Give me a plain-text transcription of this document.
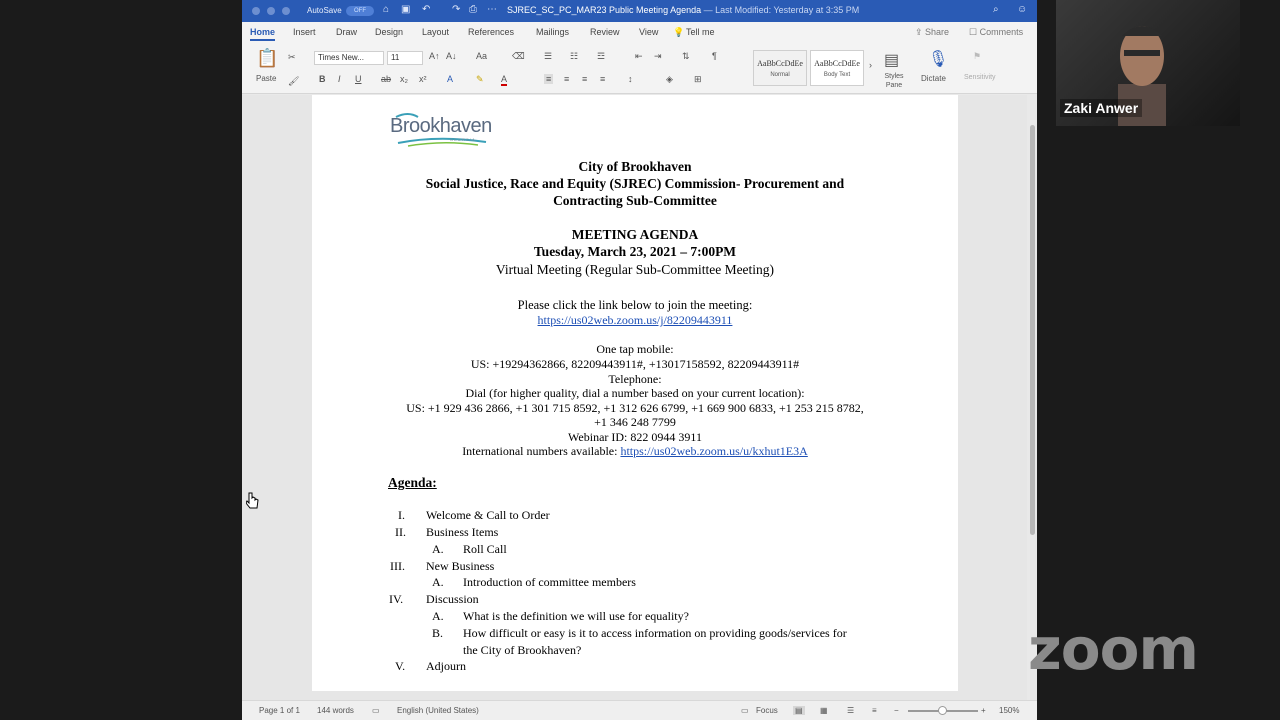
AutoSave	OFF	⌂ ▣ ↶ ↷ ⎙ ⋯ SJREC_SC_PC_MAR23 Public Meeting Agenda — Last Modified: Yesterday at 3:35 PM	⌕ ☺
Home Insert Draw Design Layout References Mailings Review View 💡 Tell me	⇪ Share ☐ Comments
📋
Paste
✂
🖌
Times New...	11	A↑ A↓ Aa	⌫
B I U ab x₂ x² A	✎ A
☰ ☷ ☲	⇤ ⇥ ⇅ ¶
≡ ≡ ≡ ≡	↕	◈ ⊞
AaBbCcDdEe
Normal
AaBbCcDdEe
Body Text
› ▤
Styles Pane
🎙
Dictate
⚑
Sensitivity
Brookhaven
GEORGIA
City of Brookhaven
Social Justice, Race and Equity (SJREC) Commission- Procurement and
Contracting Sub-Committee
MEETING AGENDA
Tuesday, March 23, 2021 – 7:00PM
Virtual Meeting (Regular Sub-Committee Meeting)
Please click the link below to join the meeting:
https://us02web.zoom.us/j/82209443911
One tap mobile:
US: +19294362866, 82209443911#, +13017158592, 82209443911#
Telephone:
Dial (for higher quality, dial a number based on your current location):
US: +1 929 436 2866, +1 301 715 8592, +1 312 626 6799, +1 669 900 6833, +1 253 215 8782,
+1 346 248 7799
Webinar ID: 822 0944 3911
International numbers available: https://us02web.zoom.us/u/kxhut1E3A
Agenda:
I. Welcome & Call to Order
II. Business Items
A. Roll Call
III. New Business
A. Introduction of committee members
IV. Discussion
A. What is the definition we will use for equality?
B. How difficult or easy is it to access information on providing goods/services for
the City of Brookhaven?
V. Adjourn
Page 1 of 1 144 words ▭ English (United States)	▭ Focus ▤ ▦ ☰ ≡ −	+ 150%
Zaki Anwer
zoom
